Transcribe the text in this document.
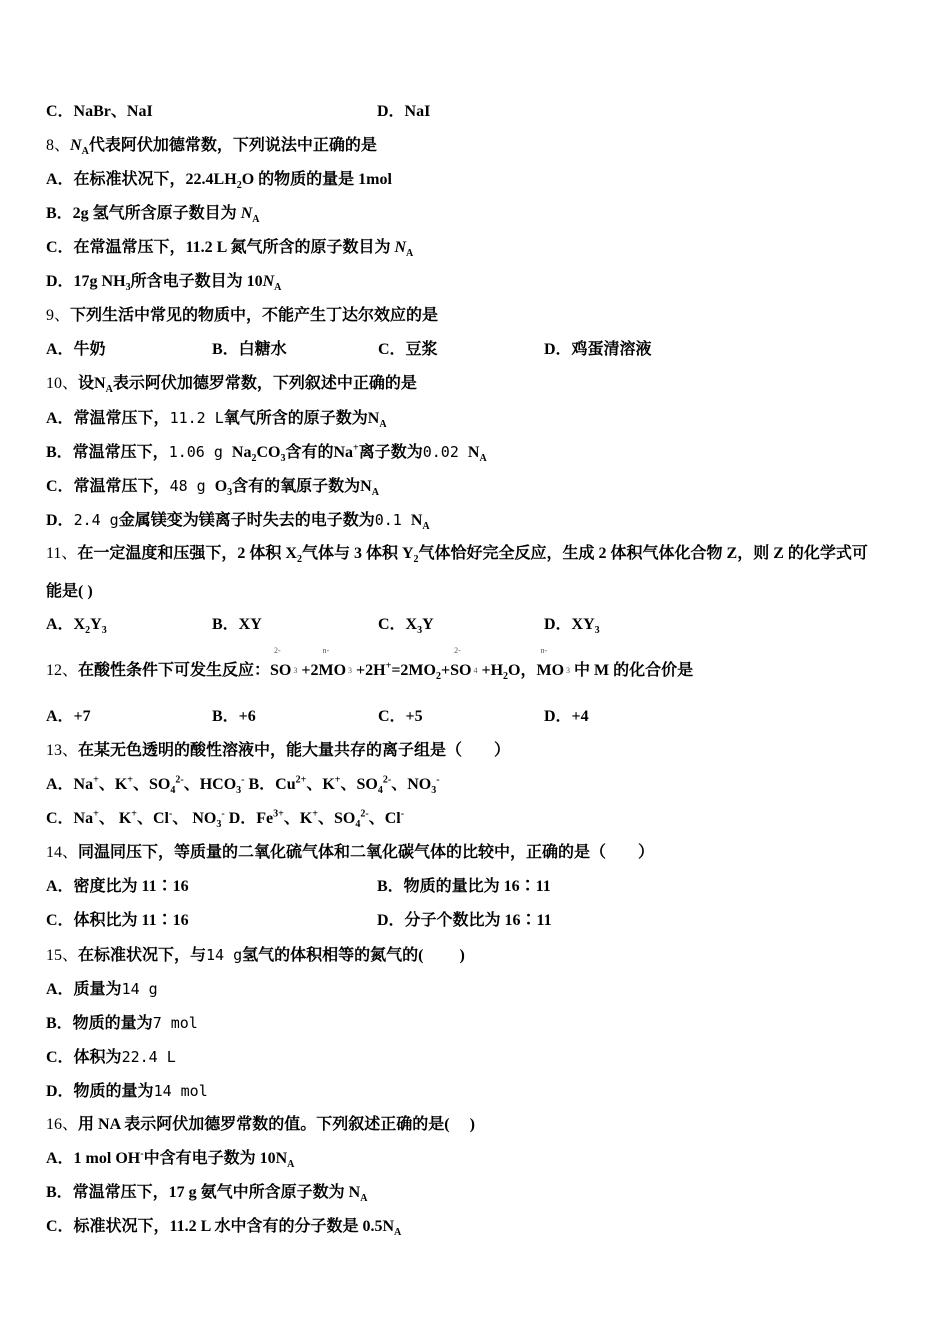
C．NaBr、NaI	D．NaI
8、$N_A$代表阿伏加德常数，下列说法中正确的是
A．在标准状况下，$22.4LH_2O$ 的物质的量是 1mol
B．2g 氢气所含原子数目为 $N_A$
C．在常温常压下，11.2 L 氮气所含的原子数目为 $N_A$
D．17g $NH_3$所含电子数目为 $10N_A$
9、下列生活中常见的物质中，不能产生丁达尔效应的是
A．牛奶	B．白糖水	C．豆浆	D．鸡蛋清溶液
10、设$N_A$表示阿伏加德罗常数，下列叙述中正确的是
A．常温常压下，11.2 L氧气所含的原子数为$N_A$
B．常温常压下，1.06 g $Na_2CO_3$含有的Na+离子数为0.02 $N_A$
C．常温常压下，48 g $O_3$含有的氧原子数为$N_A$
D．2.4 g金属镁变为镁离子时失去的电子数为0.1 $N_A$
11、在一定温度和压强下，2 体积 $X_2$气体与 3 体积 $Y_2$气体恰好完全反应，生成 2 体积气体化合物 Z，则 Z 的化学式可
能是( )
A．$X_2Y_3$	B．XY	C．$X_3Y$	D．$XY_3$
12、在酸性条件下可发生反应：SO
2-
$^3$ +2MO
n-
$^3 +2H^+=2MO_2+SO$
2-
$^4 +H_2O$，MO
n-
$^3$ 中 M 的化合价是
A．+7	B．+6	C．+5	D．+4
13、在某无色透明的酸性溶液中，能大量共存的离子组是（　　）
A．Na+、K+、$SO_4^{2-}$、$HCO_3^-$ B．$Cu^{2+}$、K+、$SO_4^{2-}$、$NO_3^-$
C．Na+、 K+、Cl-、 $NO_3^-$ D．$Fe^{3+}$、K+、$SO_4^{2-}$、Cl-
14、同温同压下，等质量的二氧化硫气体和二氧化碳气体的比较中，正确的是（　　）
A．密度比为 11∶16	B．物质的量比为 16∶11
C．体积比为 11∶16	D．分子个数比为 16∶11
15、在标准状况下，与14 g氢气的体积相等的氮气的(　　 )
A．质量为14 g
B．物质的量为7 mol
C．体积为22.4 L
D．物质的量为14 mol
16、用 NA 表示阿伏加德罗常数的值。下列叙述正确的是(　 )
A．1 mol OH-中含有电子数为 $10N_A$
B．常温常压下，17 g 氨气中所含原子数为 $N_A$
C．标准状况下，11.2 L 水中含有的分子数是 $0.5N_A$
